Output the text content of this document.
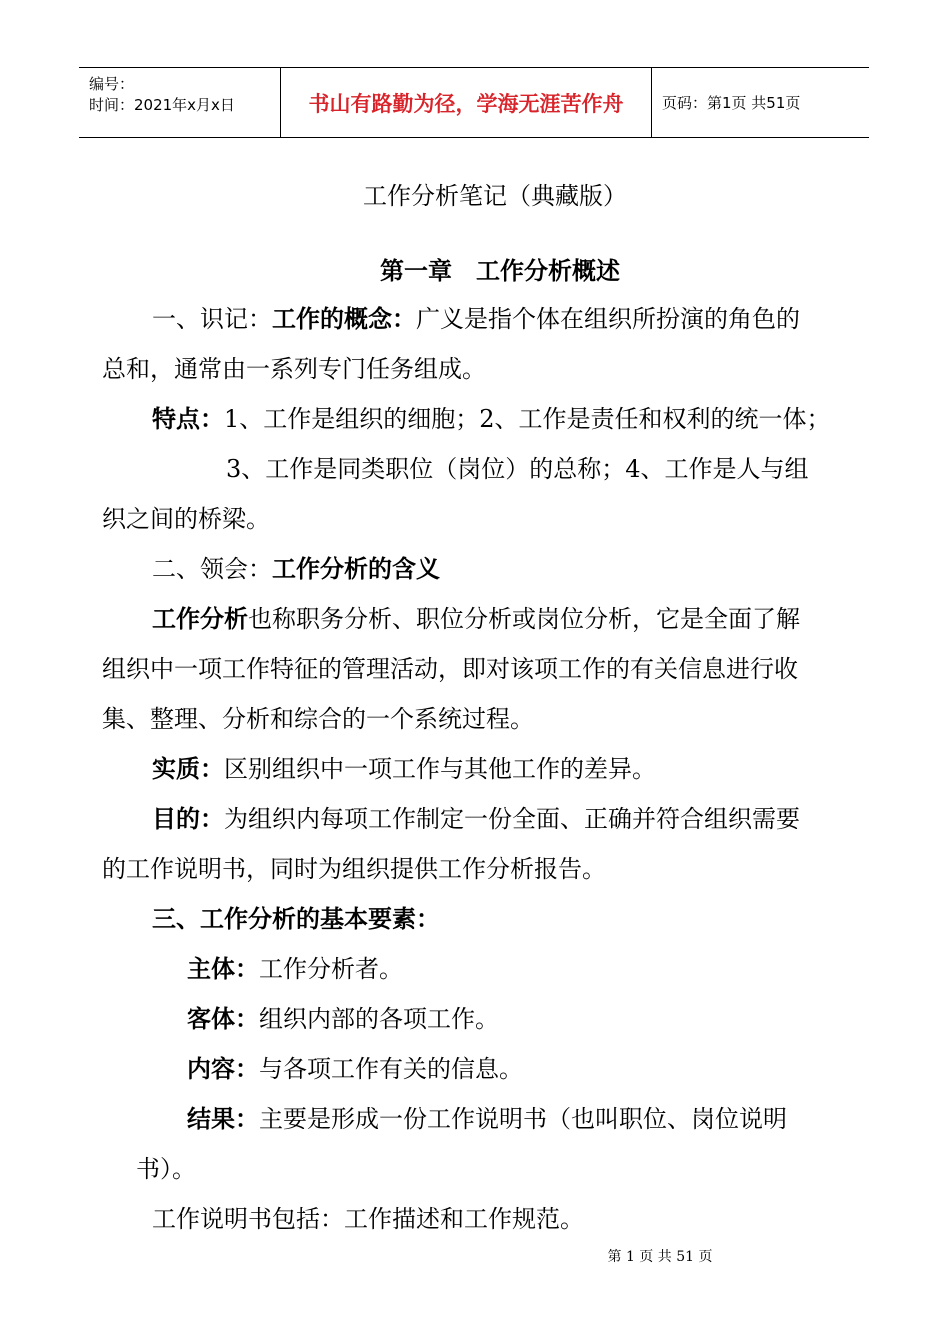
编号：
时间：2021年x月x日	书山有路勤为径，学海无涯苦作舟	页码：第1页 共51页
工作分析笔记（典藏版）
第一章　工作分析概述
一、识记：工作的概念：广义是指个体在组织所扮演的角色的
总和，通常由一系列专门任务组成。
特点：1、工作是组织的细胞；2、工作是责任和权利的统一体；
3、工作是同类职位（岗位）的总称；4、工作是人与组
织之间的桥梁。
二、领会：工作分析的含义
工作分析也称职务分析、职位分析或岗位分析，它是全面了解
组织中一项工作特征的管理活动，即对该项工作的有关信息进行收
集、整理、分析和综合的一个系统过程。
实质：区别组织中一项工作与其他工作的差异。
目的：为组织内每项工作制定一份全面、正确并符合组织需要
的工作说明书，同时为组织提供工作分析报告。
三、工作分析的基本要素：
主体：工作分析者。
客体：组织内部的各项工作。
内容：与各项工作有关的信息。
结果：主要是形成一份工作说明书（也叫职位、岗位说明
书）。
工作说明书包括：工作描述和工作规范。
第 1 页 共 51 页
